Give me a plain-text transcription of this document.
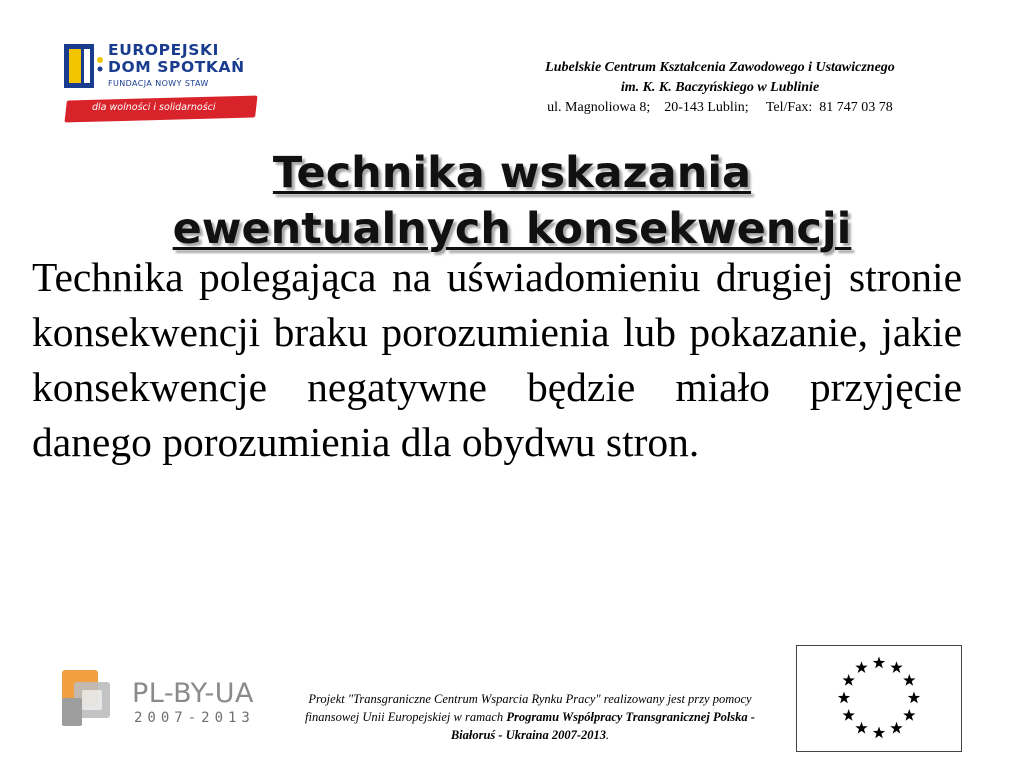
EUROPEJSKI
DOM SPOTKAŃ
FUNDACJA NOWY STAW
dla wolności i solidarności
Lubelskie Centrum Kształcenia Zawodowego i Ustawicznego
im. K. K. Baczyńskiego w Lublinie
ul. Magnoliowa 8;    20-143 Lublin;     Tel/Fax:  81 747 03 78
Technika wskazania
ewentualnych konsekwencji
Technika polegająca na uświadomieniu drugiej stronie konsekwencji braku porozumienia lub pokazanie, jakie konsekwencje negatywne będzie miało przyjęcie danego porozumienia dla obydwu stron.
PL-BY-UA
2007-2013
Projekt "Transgraniczne Centrum Wsparcia Rynku Pracy" realizowany jest przy pomocy finansowej Unii Europejskiej w ramach Programu Współpracy Transgranicznej Polska - Białoruś - Ukraina 2007-2013.
